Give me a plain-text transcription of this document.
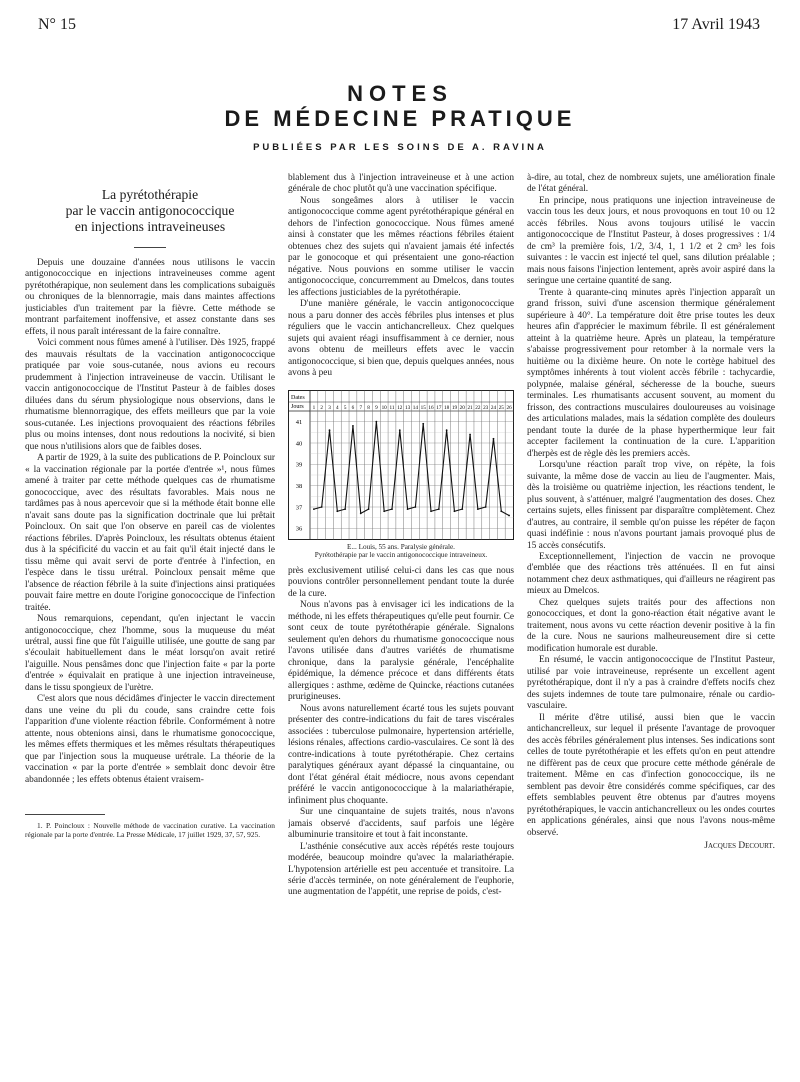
N° 15	17 Avril 1943
NOTES
DE MÉDECINE PRATIQUE
PUBLIÉES PAR LES SOINS DE A. RAVINA
La pyrétothérapie
par le vaccin antigonococcique
en injections intraveineuses

Depuis une douzaine d'années nous utilisons le vaccin antigonococcique en injections intraveineuses comme agent pyrétothérapique, non seulement dans les complications subaiguës ou chroniques de la blennorragie, mais dans maintes affections justiciables d'un traitement par la fièvre. Cette méthode se montrant parfaitement inoffensive, et assez constante dans ses effets, il nous paraît intéressant de la faire connaître.

Voici comment nous fûmes amené à l'utiliser. Dès 1925, frappé des mauvais résultats de la vaccination antigonococcique pratiquée par voie sous-cutanée, nous avions eu recours prudemment à l'injection intraveineuse de vaccin. Utilisant le vaccin antigonococcique de l'Institut Pasteur à de faibles doses diluées dans du sérum physiologique nous observions, dans le rhumatisme blennorragique, des effets meilleurs que par la voie sous-cutanée. Les injections provoquaient des réactions fébriles plus ou moins intenses, dont nous redoutions la nocivité, si bien que nous n'utilisions alors que de faibles doses.

A partir de 1929, à la suite des publications de P. Poincloux sur « la vaccination régionale par la portée d'entrée »¹, nous fûmes amené à traiter par cette méthode quelques cas de rhumatisme gonococcique, avec des résultats favorables. Mais nous ne tardâmes pas à nous apercevoir que si la méthode était bonne elle n'avait sans doute pas la signification doctrinale que lui prêtait Poincloux. On sait que l'on observe en pareil cas de violentes réactions fébriles. D'après Poincloux, les résultats obtenus étaient dus à la spécificité du vaccin et au fait qu'il était injecté dans le tissu même qui avait servi de porte d'entrée à l'infection, en l'espèce dans le tissu urétral. Poincloux pensait même que l'absence de réaction fébrile à la suite d'injections ainsi pratiquées pouvait faire mettre en doute l'origine gonococcique de l'infection traitée.

Nous remarquions, cependant, qu'en injectant le vaccin antigonococcique, chez l'homme, sous la muqueuse du méat urétral, aussi fine que fût l'aiguille utilisée, une goutte de sang par s'écoulait habituellement dans le méat lorsqu'on avait retiré l'aiguille. Nous pensâmes donc que l'injection faite « par la porte d'entrée » équivalait en pratique à une injection intraveineuse, dans le tissu spongieux de l'urètre.

C'est alors que nous décidâmes d'injecter le vaccin directement dans une veine du pli du coude, sans craindre cette fois l'apparition d'une violente réaction fébrile. Conformément à notre attente, nous obtenions ainsi, dans le rhumatisme gonococcique, les mêmes effets thermiques et les mêmes résultats thérapeutiques que par l'injection sous la muqueuse urétrale. La théorie de la vaccination « par la porte d'entrée » semblait donc devoir être abandonnée ; les effets obtenus étaient vraisem-

1. P. Poincloux : Nouvelle méthode de vaccination curative. La vaccination régionale par la porte d'entrée. La Presse Médicale, 17 juillet 1929, 37, 57, 925.

blablement dus à l'injection intraveineuse et à une action générale de choc plutôt qu'à une vaccination spécifique.

Nous songeâmes alors à utiliser le vaccin antigonococcique comme agent pyrétothérapique général en dehors de l'infection gonococcique. Nous fûmes amené ainsi à constater que les mêmes réactions fébriles étaient obtenues chez des sujets qui n'avaient jamais été infectés par le gonocoque et qui présentaient une gono-réaction négative. Nous pouvions en somme utiliser le vaccin antigonococcique, concurremment au Dmelcos, dans toutes les affections justiciables de la pyrétothérapie.

D'une manière générale, le vaccin antigonococcique nous a paru donner des accès fébriles plus intenses et plus réguliers que le vaccin antichancrelleux. Chez quelques sujets qui avaient réagi insuffisamment à ce dernier, nous avons obtenu de meilleurs effets avec le vaccin antigonococcique, si bien que, depuis quelques années, nous avons à peu

Dates
Jours 1 2 3 4 5 6 7 8 9 10 11 12 13 14 15 16 17 18 19 20 21 22 23 24 25 26
41
40
39
38
37
36
E... Louis, 55 ans. Paralysie générale.
Pyrétothérapie par le vaccin antigonococcique intraveineux.

près exclusivement utilisé celui-ci dans les cas que nous pouvions contrôler personnellement pendant toute la durée de la cure.

Nous n'avons pas à envisager ici les indications de la méthode, ni les effets thérapeutiques qu'elle peut fournir. Ce sont ceux de toute pyrétothérapie générale. Signalons seulement qu'en dehors du rhumatisme gonococcique nous l'avons utilisée dans d'autres variétés de rhumatisme chronique, dans la paralysie générale, l'encéphalite épidémique, la démence précoce et dans différents états allergiques : asthme, œdème de Quincke, réactions cutanées prurigineuses.

Nous avons naturellement écarté tous les sujets pouvant présenter des contre-indications du fait de tares viscérales associées : tuberculose pulmonaire, hypertension artérielle, lésions rénales, affections cardio-vasculaires. Ce sont là des contre-indications à toute pyrétothérapie. Chez certains paralytiques généraux ayant dépassé la cinquantaine, ou dont l'état général était médiocre, nous avons cependant préféré le vaccin antigonococcique à la malariathérapie, infiniment plus choquante.

Sur une cinquantaine de sujets traités, nous n'avons jamais observé d'accidents, sauf parfois une légère albuminurie transitoire et tout à fait inconstante.

L'asthénie consécutive aux accès répétés reste toujours modérée, beaucoup moindre qu'avec la malariathérapie. L'hypotension artérielle est peu accentuée et transitoire. La série d'accès terminée, on note généralement de l'euphorie, une augmentation de l'appétit, une reprise de poids, c'est-

à-dire, au total, chez de nombreux sujets, une amélioration finale de l'état général.

En principe, nous pratiquons une injection intraveineuse de vaccin tous les deux jours, et nous provoquons en tout 10 ou 12 accès fébriles. Nous avons toujours utilisé le vaccin antigonococcique de l'Institut Pasteur, à doses progressives : 1/4 de cm³ la première fois, 1/2, 3/4, 1, 1 1/2 et 2 cm³ les fois suivantes : le vaccin est injecté tel quel, sans dilution préalable ; mais nous faisons l'injection lentement, après avoir aspiré dans la seringue une certaine quantité de sang.

Trente à quarante-cinq minutes après l'injection apparaît un grand frisson, suivi d'une ascension thermique généralement supérieure à 40°. La température doit être prise toutes les deux heures afin d'apprécier le maximum fébrile. Il est généralement atteint à la quatrième heure. Après un plateau, la température s'abaisse progressivement pour retomber à la normale vers la huitième ou la dixième heure. On note le cortège habituel des symptômes inhérents à tout violent accès fébrile : tachycardie, polypnée, malaise général, sécheresse de la bouche, sueurs terminales. Les rhumatisants accusent souvent, au moment du frisson, des contractions musculaires douloureuses au voisinage des articulations malades, mais la sédation complète des douleurs pendant toute la durée de la phase hyperthermique leur fait accepter facilement la continuation de la cure. L'apparition d'herpès est de règle dès les premiers accès.

Lorsqu'une réaction paraît trop vive, on répète, la fois suivante, la même dose de vaccin au lieu de l'augmenter. Mais, dès la troisième ou quatrième injection, les réactions tendent, le plus souvent, à s'atténuer, malgré l'augmentation des doses. Chez certains sujets, elles finissent par disparaître complètement. Chez d'autres, au contraire, il semble qu'on puisse les répéter de façon quasi indéfinie : nous n'avons pourtant jamais provoqué plus de 15 accès consécutifs.

Exceptionnellement, l'injection de vaccin ne provoque d'emblée que des réactions très atténuées. Il en fut ainsi notamment chez deux asthmatiques, qui d'ailleurs ne réagirent pas mieux au Dmelcos.

Chez quelques sujets traités pour des affections non gonococciques, et dont la gono-réaction était négative avant le traitement, nous avons vu cette réaction devenir positive à la fin de la cure. Nous ne saurions malheureusement dire si cette modification humorale est durable.

En résumé, le vaccin antigonococcique de l'Institut Pasteur, utilisé par voie intraveineuse, représente un excellent agent pyrétothérapique, dont il n'y a pas à craindre d'effets nocifs chez des sujets indemnes de toute tare pulmonaire, rénale ou cardio-vasculaire.

Il mérite d'être utilisé, aussi bien que le vaccin antichancrelleux, sur lequel il présente l'avantage de provoquer des accès fébriles généralement plus intenses. Ses indications sont celles de toute pyrétothérapie et les effets qu'on en peut attendre ne diffèrent pas de ceux que procure cette méthode générale de traitement. Même en cas d'infection gonococcique, ils ne semblent pas devoir être considérés comme spécifiques, car des effets semblables peuvent être obtenus par d'autres moyens pyrétothérapiques, le vaccin antichancrelleux ou les ondes courtes en applications générales, ainsi que nous l'avons nous-même observé.

Jacques Decourt.
